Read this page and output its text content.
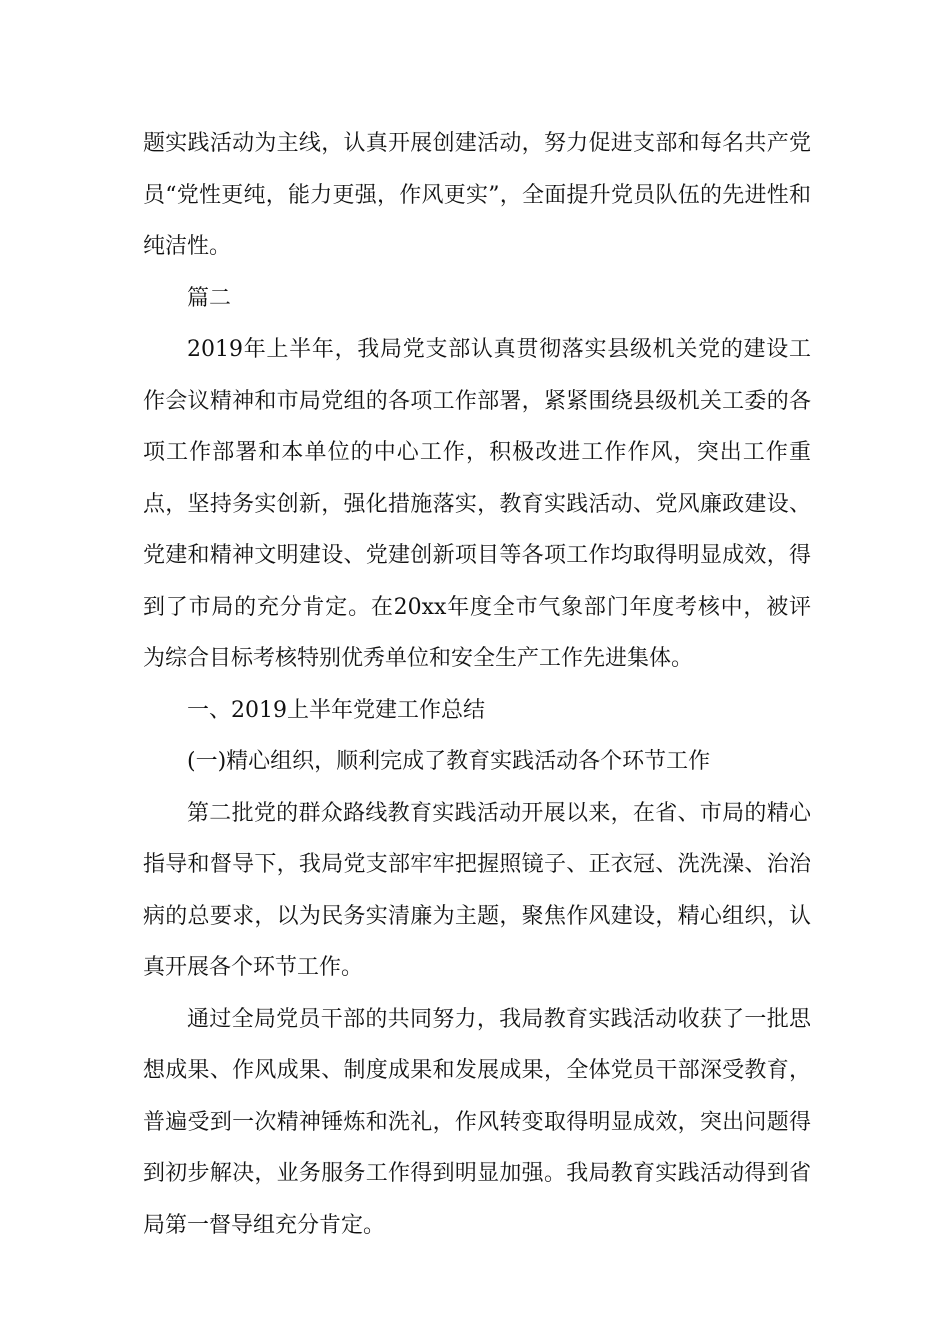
题实践活动为主线，认真开展创建活动，努力促进支部和每名共产党员“党性更纯，能力更强，作风更实”，全面提升党员队伍的先进性和纯洁性。

篇二

2019年上半年，我局党支部认真贯彻落实县级机关党的建设工作会议精神和市局党组的各项工作部署，紧紧围绕县级机关工委的各项工作部署和本单位的中心工作，积极改进工作作风，突出工作重点，坚持务实创新，强化措施落实，教育实践活动、党风廉政建设、党建和精神文明建设、党建创新项目等各项工作均取得明显成效，得到了市局的充分肯定。在20xx年度全市气象部门年度考核中，被评为综合目标考核特别优秀单位和安全生产工作先进集体。

一、2019上半年党建工作总结

(一)精心组织，顺利完成了教育实践活动各个环节工作

第二批党的群众路线教育实践活动开展以来，在省、市局的精心指导和督导下，我局党支部牢牢把握照镜子、正衣冠、洗洗澡、治治病的总要求，以为民务实清廉为主题，聚焦作风建设，精心组织，认真开展各个环节工作。

通过全局党员干部的共同努力，我局教育实践活动收获了一批思想成果、作风成果、制度成果和发展成果，全体党员干部深受教育，普遍受到一次精神锤炼和洗礼，作风转变取得明显成效，突出问题得到初步解决，业务服务工作得到明显加强。我局教育实践活动得到省局第一督导组充分肯定。
